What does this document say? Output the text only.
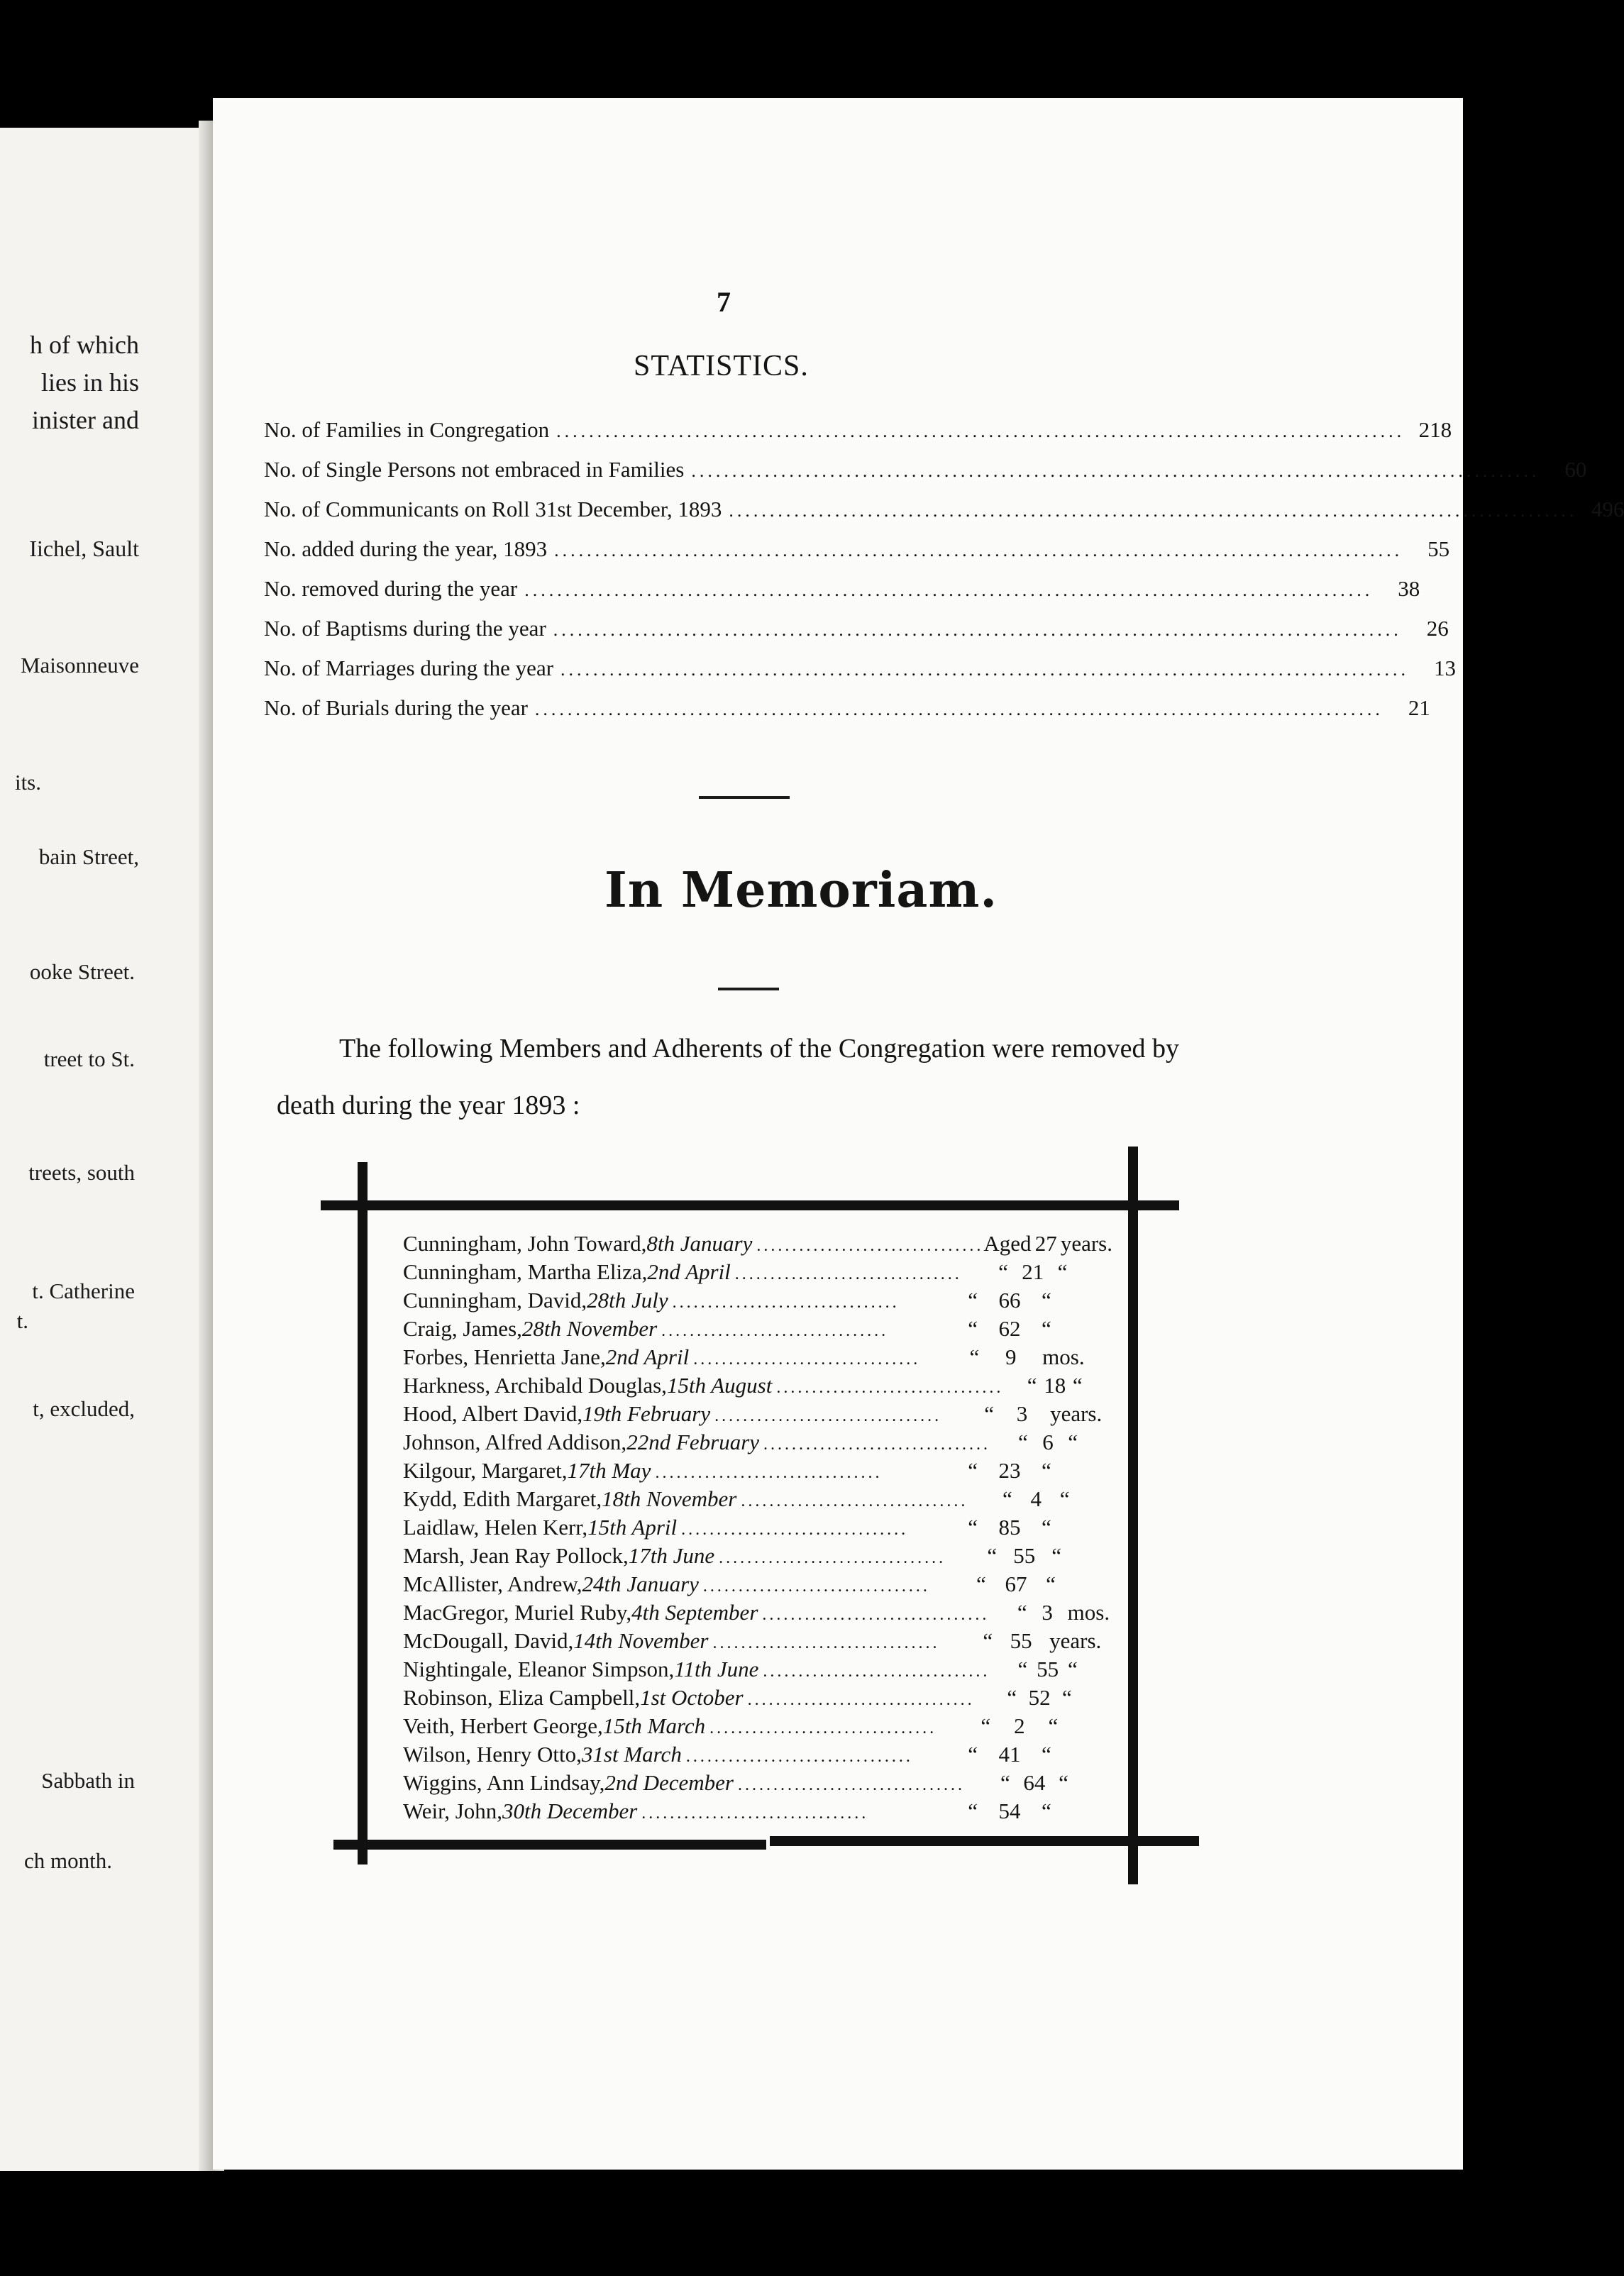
h of which
lies in his
inister and
Iichel, Sault
Maisonneuve
its.
bain Street,
ooke Street.
treet to St.
treets, south
t. Catherine
t.
t, excluded,
Sabbath in
ch month.
7
STATISTICS.
No. of Families in Congregation ........................................................................................................ 218
No. of Single Persons not embraced in Families ........................................................................................................	60
No. of Communicants on Roll 31st December, 1893 ........................................................................................................ 496
No. added during the year, 1893 ........................................................................................................	55
No. removed during the year ........................................................................................................	38
No. of Baptisms during the year ........................................................................................................	26
No. of Marriages during the year ........................................................................................................	13
No. of Burials during the year ........................................................................................................	21
In Memoriam.
The following Members and Adherents of the Congregation were removed by death during the year 1893 :
Cunningham, John Toward, 8th January ................................ Aged 27 years.
Cunningham, Martha Eliza, 2nd April ................................	“ 21 “
Cunningham, David, 28th July ................................	“ 66 “
Craig, James, 28th November ................................	“ 62 “
Forbes, Henrietta Jane, 2nd April ................................	“	9	mos.
Harkness, Archibald Douglas, 15th August ................................	“ 18 “
Hood, Albert David, 19th February ................................	“	3	years.
Johnson, Alfred Addison, 22nd February ................................	“ 6 “
Kilgour, Margaret, 17th May ................................	“ 23 “
Kydd, Edith Margaret, 18th November ................................	“ 4 “
Laidlaw, Helen Kerr, 15th April ................................	“ 85 “
Marsh, Jean Ray Pollock, 17th June ................................	“ 55 “
McAllister, Andrew, 24th January ................................	“ 67 “
MacGregor, Muriel Ruby, 4th September ................................	“ 3 mos.
McDougall, David, 14th November ................................	“ 55 years.
Nightingale, Eleanor Simpson, 11th June ................................	“ 55 “
Robinson, Eliza Campbell, 1st October ................................	“ 52 “
Veith, Herbert George, 15th March ................................	“	2	“
Wilson, Henry Otto, 31st March ................................	“ 41 “
Wiggins, Ann Lindsay, 2nd December ................................	“ 64 “
Weir, John, 30th December ................................	“ 54 “
